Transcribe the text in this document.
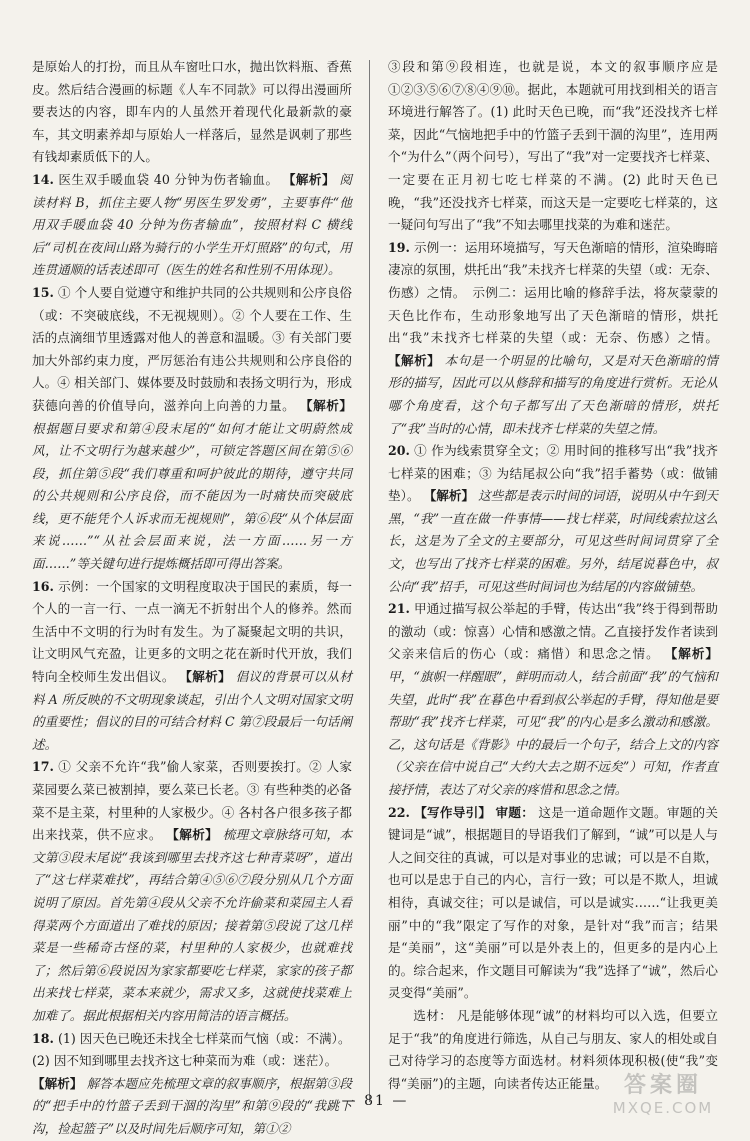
是原始人的打扮，而且从车窗吐口水，抛出饮料瓶、香蕉皮。然后结合漫画的标题《人车不同款》可以得出漫画所要表达的内容，即车内的人虽然开着现代化最新款的豪车，其文明素养却与原始人一样落后，显然是讽刺了那些有钱却素质低下的人。

14. 医生双手暖血袋 40 分钟为伤者输血。 【解析】 阅读材料 B，抓住主要人物“男医生罗发勇”，主要事件“他用双手暖血袋 40 分钟为伤者输血”，按照材料 C 横线后“司机在夜间山路为骑行的小学生开灯照路”的句式，用连贯通顺的话表述即可（医生的姓名和性别不用体现）。

15. ① 个人要自觉遵守和维护共同的公共规则和公序良俗（或：不突破底线，不无视规则）。② 个人要在工作、生活的点滴细节里透露对他人的善意和温暖。③ 有关部门要加大外部约束力度，严厉惩治有违公共规则和公序良俗的人。④ 相关部门、媒体要及时鼓励和表扬文明行为，形成获德向善的价值导向，滋养向上向善的力量。 【解析】 根据题目要求和第④段末尾的“如何才能让文明蔚然成风，让不文明行为越来越少”，可锁定答题区间在第⑤⑥段，抓住第⑤段“我们尊重和呵护彼此的期待，遵守共同的公共规则和公序良俗，而不能因为一时痛快而突破底线，更不能凭个人诉求而无视规则”，第⑥段“从个体层面来说……”“从社会层面来说，法一方面……另一方面……”等关键句进行提炼概括即可得出答案。

16. 示例：一个国家的文明程度取决于国民的素质，每一个人的一言一行、一点一滴无不折射出个人的修养。然而生活中不文明的行为时有发生。为了凝聚起文明的共识，让文明风气充盈，让更多的文明之花在新时代开放，我们特向全校师生发出倡议。 【解析】 倡议的背景可以从材料 A 所反映的不文明现象谈起，引出个人文明对国家文明的重要性；倡议的目的可结合材料 C 第⑦段最后一句话阐述。

17. ① 父亲不允许“我”偷人家菜，否则要挨打。② 人家菜园要么菜已被割掉，要么菜已长老。③ 有些种类的必备菜不是主菜，村里种的人家极少。④ 各村各户很多孩子都出来找菜，供不应求。 【解析】 梳理文章脉络可知，本文第③段末尾说“我该到哪里去找齐这七种青菜呀”，道出了“这七样菜难找”，再结合第④⑤⑥⑦段分别从几个方面说明了原因。首先第④段从父亲不允许偷菜和菜园主人看得菜两个方面道出了难找的原因；接着第⑤段说了这几样菜是一些稀奇古怪的菜，村里种的人家极少，也就难找了；然后第⑥段说因为家家都要吃七样菜，家家的孩子都出来找七样菜，菜本来就少，需求又多，这就使找菜难上加难了。据此根据相关内容用简洁的语言概括。

18. (1) 因天色已晚还未找全七样菜而气恼（或：不满）。
(2) 因不知到哪里去找齐这七种菜而为难（或：迷茫）。
【解析】 解答本题应先梳理文章的叙事顺序，根据第③段的“把手中的竹篮子丢到干涸的沟里”和第⑨段的“我跳下沟，捡起篮子”以及时间先后顺序可知，第①②

③段和第⑨段相连，也就是说，本文的叙事顺序应是①②③⑤⑥⑦⑧④⑨⑩。据此，本题就可用找到相关的语言环境进行解答了。(1) 此时天色已晚，而“我”还没找齐七样菜，因此“气恼地把手中的竹篮子丢到干涸的沟里”，连用两个“为什么”（两个问号），写出了“我”对一定要找齐七样菜、一定要在正月初七吃七样菜的不满。(2) 此时天色已晚，“我”还没找齐七样菜，而这天是一定要吃七样菜的，这一疑问句写出了“我”不知去哪里找菜的为难和迷茫。

19. 示例一：运用环境描写，写天色渐暗的情形，渲染晦暗凄凉的氛围，烘托出“我”未找齐七样菜的失望（或：无奈、伤感）之情。　示例二：运用比喻的修辞手法，将灰蒙蒙的天色比作布，生动形象地写出了天色渐暗的情形，烘托出“我”未找齐七样菜的失望（或：无奈、伤感）之情。 【解析】 本句是一个明显的比喻句，又是对天色渐暗的情形的描写，因此可以从修辞和描写的角度进行赏析。无论从哪个角度看，这个句子都写出了天色渐暗的情形，烘托了“我”当时的心情，即未找齐七样菜的失望之情。

20. ① 作为线索贯穿全文；② 用时间的推移写出“我”找齐七样菜的困难；③ 为结尾叔公向“我”招手蓄势（或：做铺垫）。 【解析】 这些都是表示时间的词语，说明从中午到天黑，“我”一直在做一件事情——找七样菜，时间线索拉这么长，这是为了全文的主要部分，可见这些时间词贯穿了全文，也写出了找齐七样菜的困难。另外，结尾说暮色中，叔公向“我”招手，可见这些时间词也为结尾的内容做铺垫。

21. 甲通过描写叔公举起的手臂，传达出“我”终于得到帮助的激动（或：惊喜）心情和感激之情。乙直接抒发作者读到父亲来信后的伤心（或：痛惜）和思念之情。 【解析】 甲，“旗帜一样醒眼”，鲜明而动人，结合前面“我”的气恼和失望，此时“我”在暮色中看到叔公举起的手臂，得知他是要帮助“我”找齐七样菜，可见“我”的内心是多么激动和感激。乙，这句话是《背影》中的最后一个句子，结合上文的内容（父亲在信中说自己“大约大去之期不远矣”）可知，作者直接抒情，表达了对父亲的疼惜和思念之情。

22. 【写作导引】 审题： 这是一道命题作文题。审题的关键词是“诚”，根据题目的导语我们了解到，“诚”可以是人与人之间交往的真诚，可以是对事业的忠诚；可以是不自欺，也可以是忠于自己的内心，言行一致；可以是不欺人，坦诚相待，真诚交往；可以是诚信，可以是诚实……“让我更美丽”中的“我”限定了写作的对象，是针对“我”而言；结果是“美丽”，这“美丽”可以是外表上的，但更多的是内心上的。综合起来，作文题目可解读为“我”选择了“诚”，然后心灵变得“美丽”。

选材： 凡是能够体现“诚”的材料均可以入选，但要立足于“我”的角度进行筛选，从自己与朋友、家人的相处或自己对待学习的态度等方面选材。材料须体现积极(使“我”变得“美丽”)的主题，向读者传达正能量。

— 81 —
答案圈
MXQE.COM
